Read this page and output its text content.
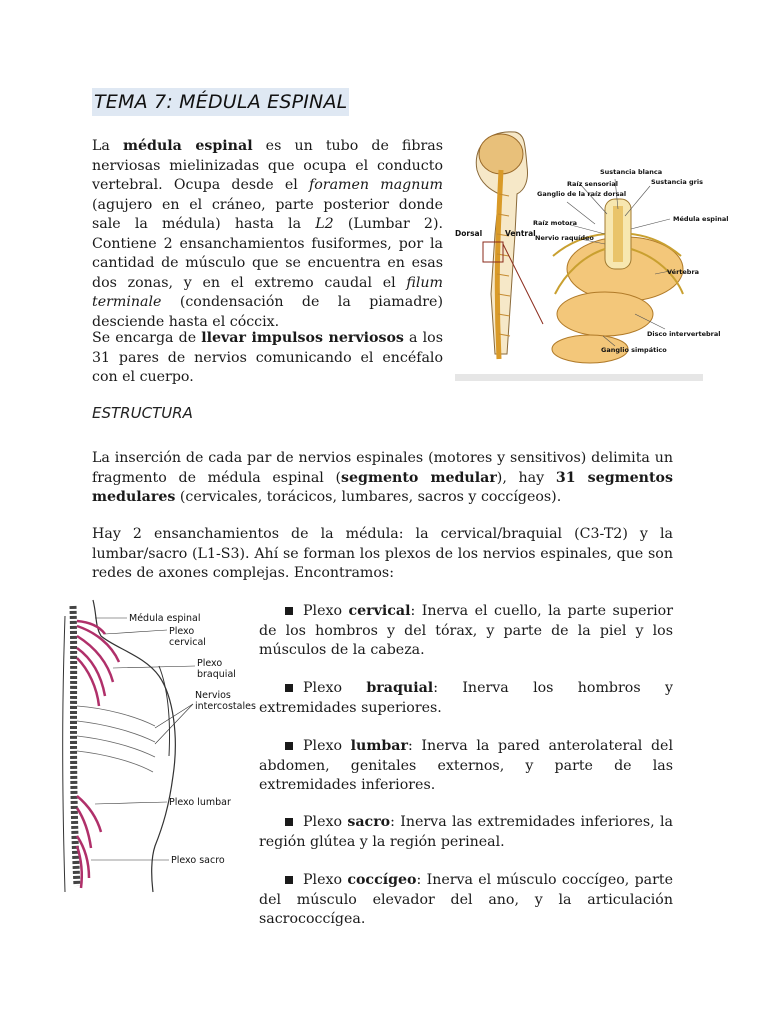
TEMA 7: MÉDULA ESPINAL

La médula espinal es un tubo de fibras nerviosas mielinizadas que ocupa el conducto vertebral. Ocupa desde el foramen magnum (agujero en el cráneo, parte posterior donde sale la médula) hasta la L2 (Lumbar 2). Contiene 2 ensanchamientos fusiformes, por la cantidad de músculo que se encuentra en esas dos zonas, y en el extremo caudal el filum terminale (condensación de la piamadre) desciende hasta el cóccix.

Se encarga de llevar impulsos nerviosos a los 31 pares de nervios comunicando el encéfalo con el cuerpo.

Dorsal	Ventral
Sustancia blanca
Sustancia gris
Raíz sensorial
Ganglio de la raíz dorsal
Raíz motora
Nervio raquídeo
Médula espinal
Vértebra
Disco intervertebral
Ganglio simpático
ESTRUCTURA

La inserción de cada par de nervios espinales (motores y sensitivos) delimita un fragmento de médula espinal (segmento medular), hay 31 segmentos medulares (cervicales, torácicos, lumbares, sacros y coccígeos).

Hay 2 ensanchamientos de la médula: la cervical/braquial (C3-T2) y la lumbar/sacro (L1-S3). Ahí se forman los plexos de los nervios espinales, que son redes de axones complejas. Encontramos:

Médula espinal
Plexo cervical
Plexo braquial
Nervios intercostales
Plexo lumbar
Plexo sacro

Plexo cervical: Inerva el cuello, la parte superior de los hombros y del tórax, y parte de la piel y los músculos de la cabeza.

Plexo braquial: Inerva los hombros y extremidades superiores.

Plexo lumbar: Inerva la pared anterolateral del abdomen, genitales externos, y parte de las extremidades inferiores.

Plexo sacro: Inerva las extremidades inferiores, la región glútea y la región perineal.

Plexo coccígeo: Inerva el músculo coccígeo, parte del músculo elevador del ano, y la articulación sacrococcígea.
